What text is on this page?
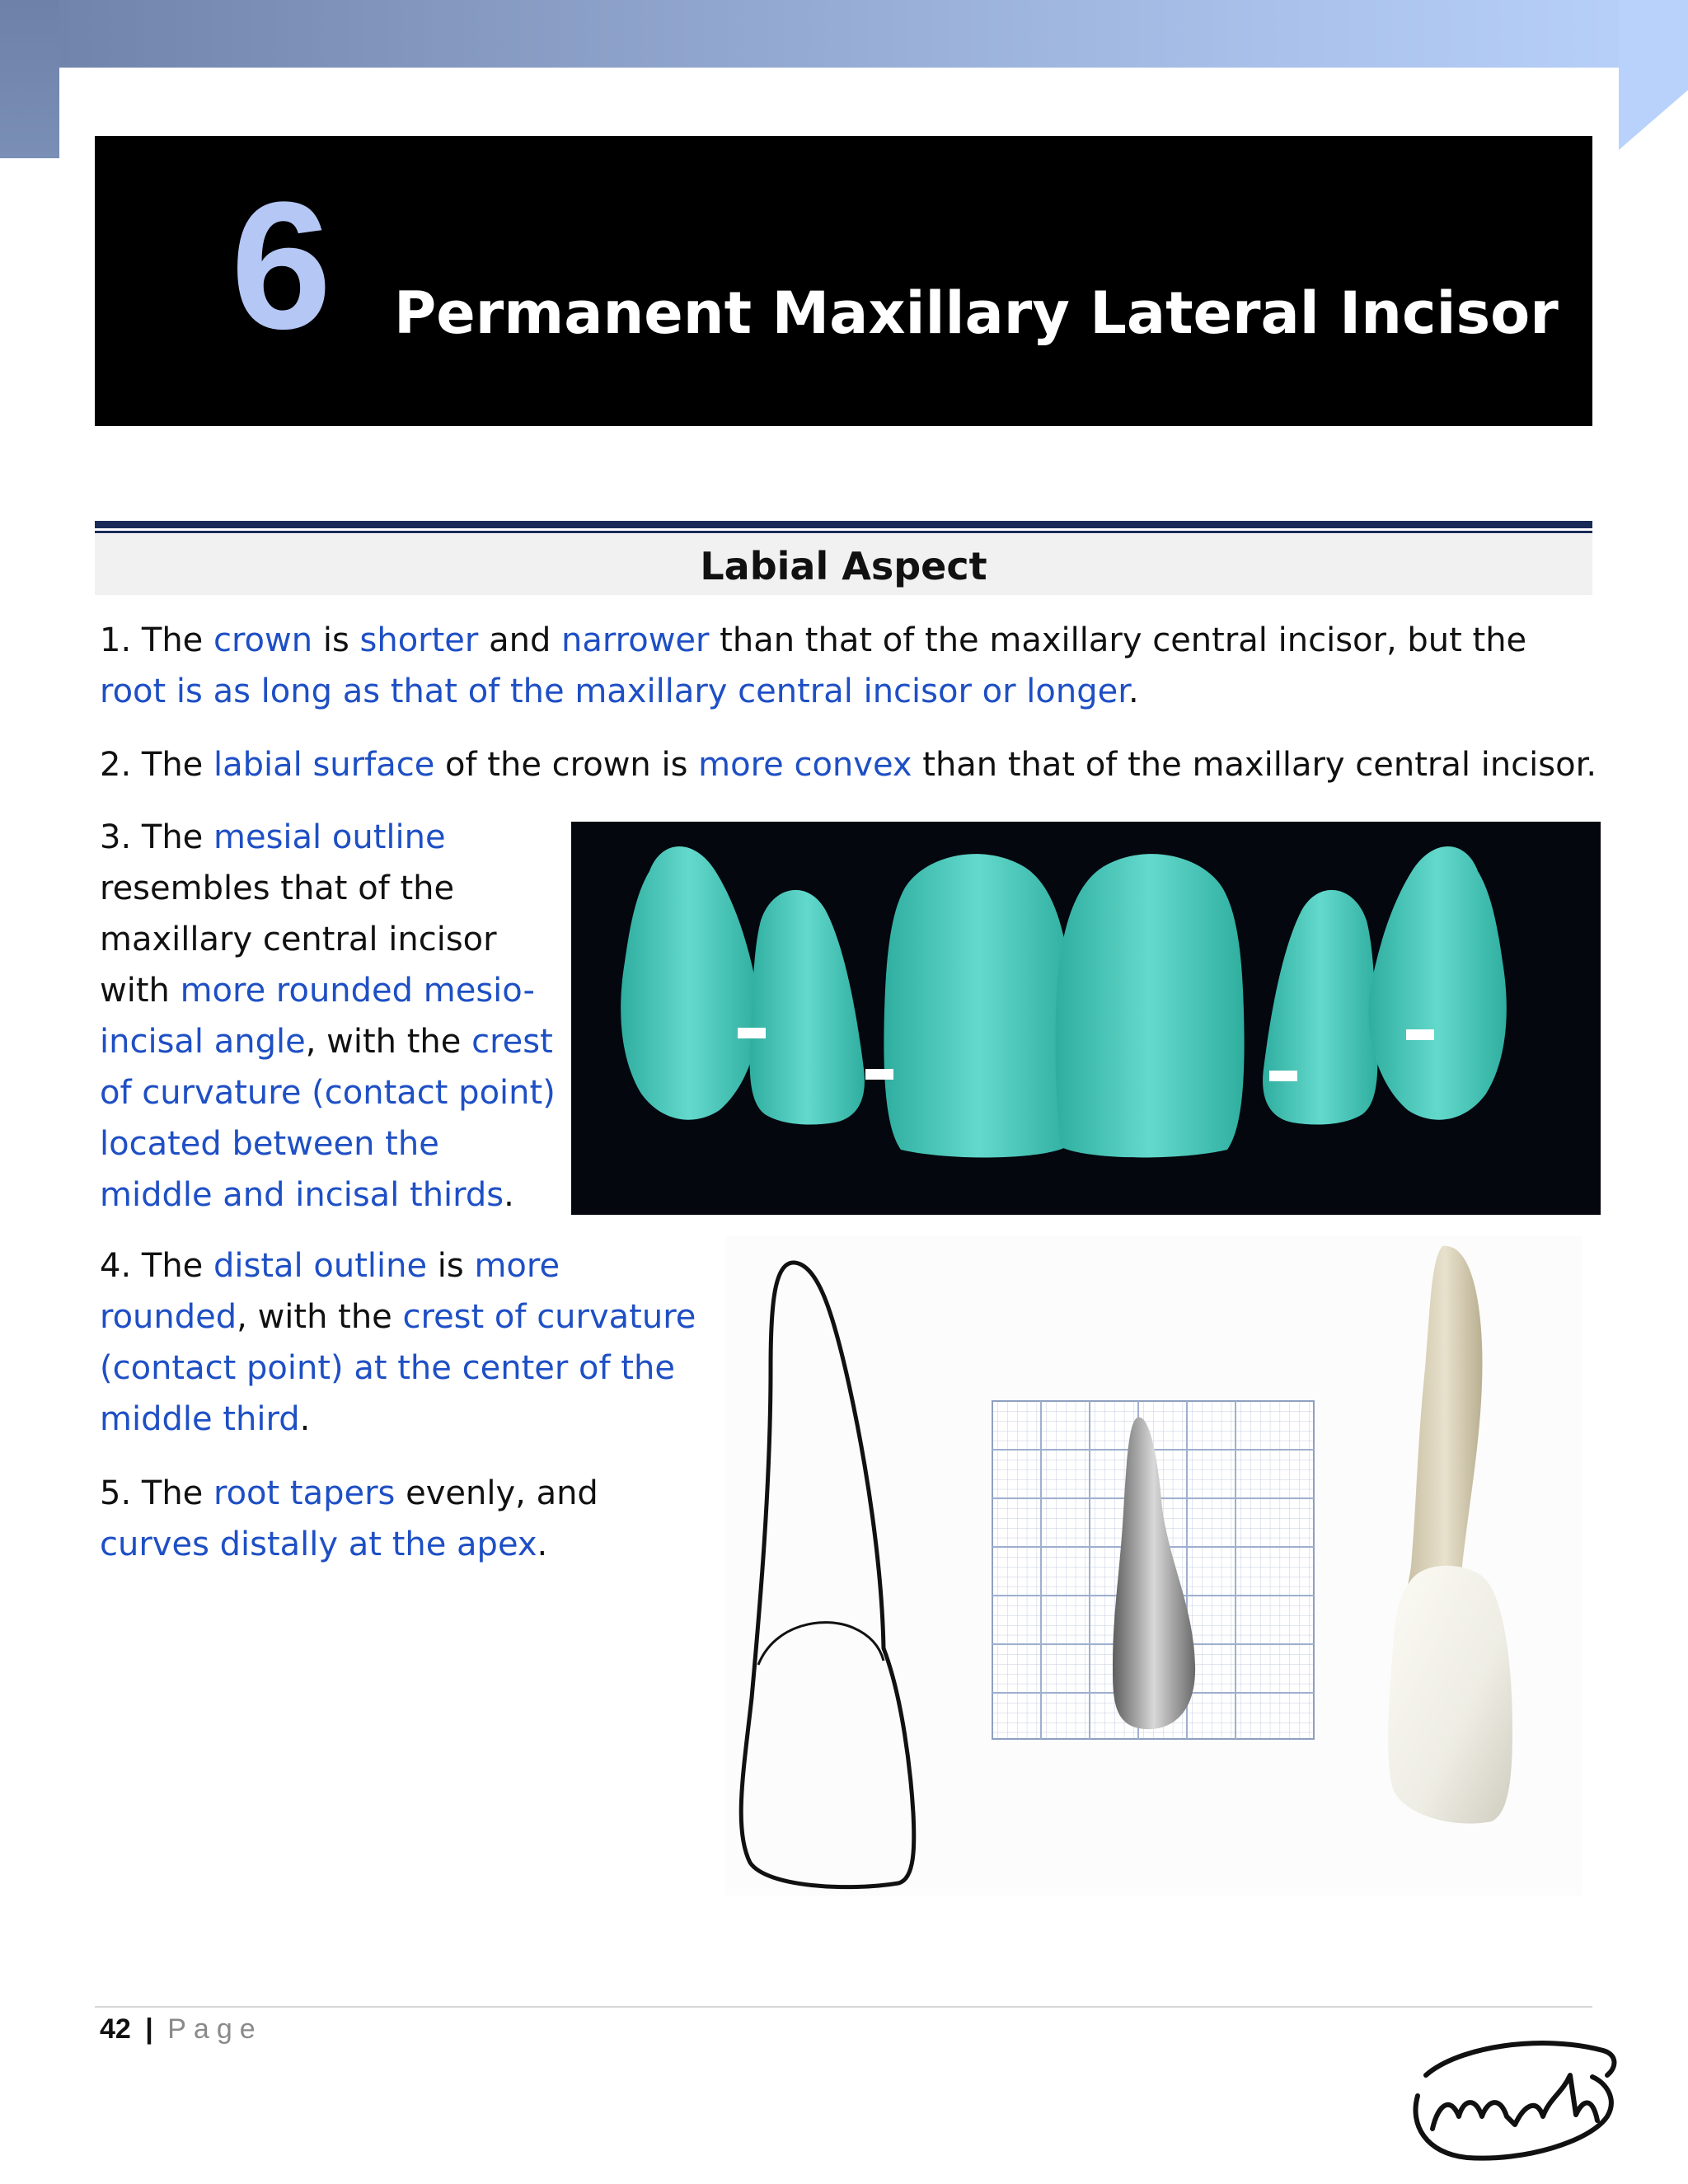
6 Permanent Maxillary Lateral Incisor
Labial Aspect
1. The crown is shorter and narrower than that of the maxillary central incisor, but the root is as long as that of the maxillary central incisor or longer.
2. The labial surface of the crown is more convex than that of the maxillary central incisor.
3. The mesial outline resembles that of the maxillary central incisor with more rounded mesio-incisal angle, with the crest of curvature (contact point) located between the middle and incisal thirds.
4. The distal outline is more rounded, with the crest of curvature (contact point) at the center of the middle third.
5. The root tapers evenly, and curves distally at the apex.
42 | Page
